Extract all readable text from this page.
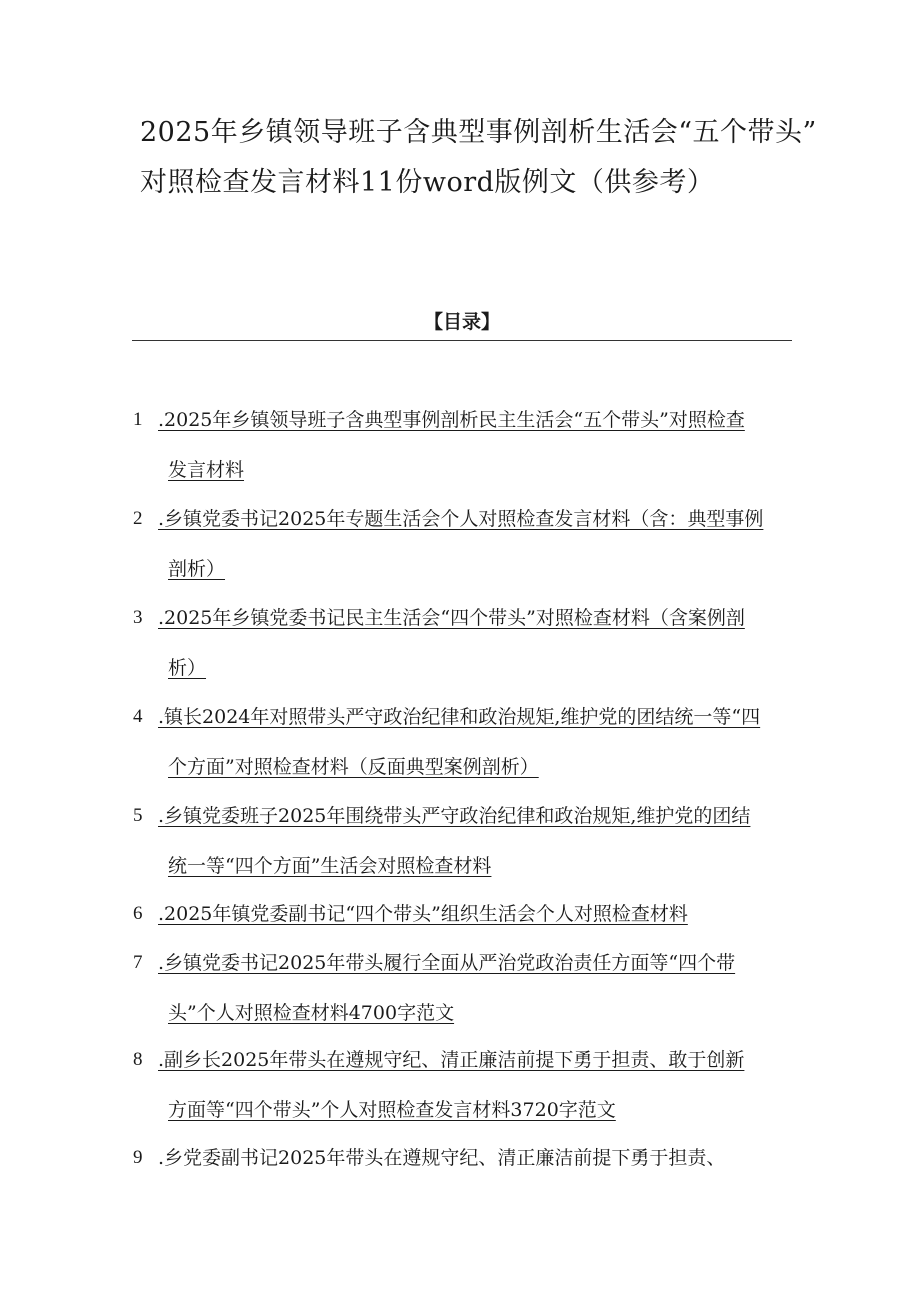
2025年乡镇领导班子含典型事例剖析生活会“五个带头”
对照检查发言材料11份word版例文（供参考）
【目录】
1 .2025年乡镇领导班子含典型事例剖析民主生活会“五个带头”对照检查
发言材料
2 .乡镇党委书记2025年专题生活会个人对照检查发言材料（含：典型事例
剖析）
3 .2025年乡镇党委书记民主生活会“四个带头”对照检查材料（含案例剖
析）
4 .镇长2024年对照带头严守政治纪律和政治规矩,维护党的团结统一等“四
个方面”对照检查材料（反面典型案例剖析）
5 .乡镇党委班子2025年围绕带头严守政治纪律和政治规矩,维护党的团结
统一等“四个方面”生活会对照检查材料
6 .2025年镇党委副书记“四个带头”组织生活会个人对照检查材料
7 .乡镇党委书记2025年带头履行全面从严治党政治责任方面等“四个带
头”个人对照检查材料4700字范文
8 .副乡长2025年带头在遵规守纪、清正廉洁前提下勇于担责、敢于创新
方面等“四个带头”个人对照检查发言材料3720字范文
9 .乡党委副书记2025年带头在遵规守纪、清正廉洁前提下勇于担责、
